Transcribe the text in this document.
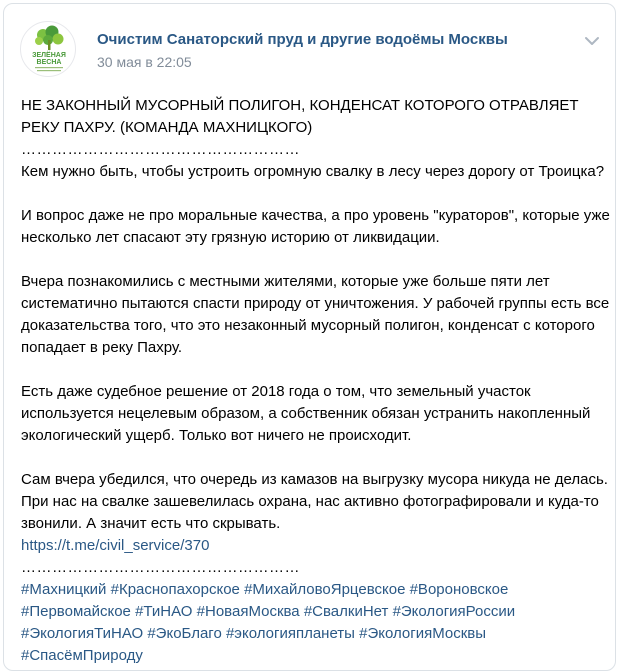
ЗЕЛЁНАЯ
ВЕСНА
Очистим Санаторский пруд и другие водоёмы Москвы
30 мая в 22:05

НЕ ЗАКОННЫЙ МУСОРНЫЙ ПОЛИГОН, КОНДЕНСАТ КОТОРОГО ОТРАВЛЯЕТ РЕКУ ПАХРУ. (КОМАНДА МАХНИЦКОГО)

………………………………………………

Кем нужно быть, чтобы устроить огромную свалку в лесу через дорогу от Троицка?

И вопрос даже не про моральные качества, а про уровень "кураторов", которые уже несколько лет спасают эту грязную историю от ликвидации.

Вчера познакомились с местными жителями, которые уже больше пяти лет систематично пытаются спасти природу от уничтожения. У рабочей группы есть все доказательства того, что это незаконный мусорный полигон, конденсат с которого попадает в реку Пахру.

Есть даже судебное решение от 2018 года о том, что земельный участок используется нецелевым образом, а собственник обязан устранить накопленный экологический ущерб. Только вот ничего не происходит.

Сам вчера убедился, что очередь из камазов на выгрузку мусора никуда не делась. При нас на свалке зашевелилась охрана, нас активно фотографировали и куда-то звонили. А значит есть что скрывать.

https://t.me/civil_service/370

………………………………………………

#Махницкий #Краснопахорское #МихайловоЯрцевское #Вороновское #Первомайское #ТиНАО #НоваяМосква #СвалкиНет #ЭкологияРоссии #ЭкологияТиНАО #ЭкоБлаго #экологияпланеты #ЭкологияМосквы #СпасёмПрироду
